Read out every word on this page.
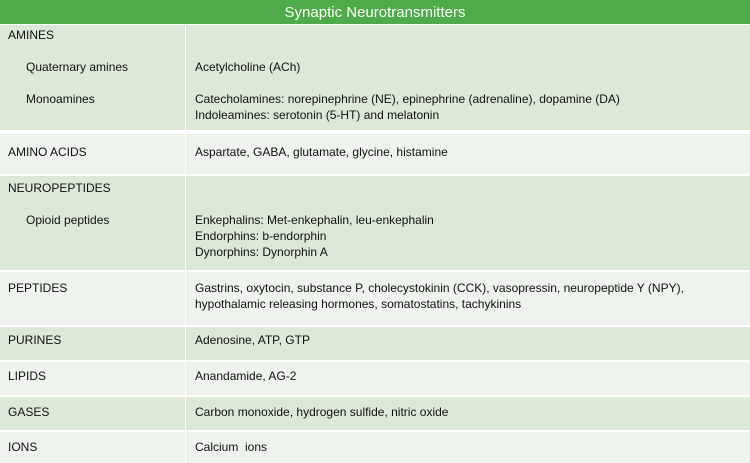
Synaptic Neurotransmitters
AMINES
Quaternary amines	Acetylcholine (ACh)
Monoamines	Catecholamines: norepinephrine (NE), epinephrine (adrenaline), dopamine (DA)
Indoleamines: serotonin (5-HT) and melatonin
AMINO ACIDS	Aspartate, GABA, glutamate, glycine, histamine
NEUROPEPTIDES
Opioid peptides	Enkephalins: Met-enkephalin, leu-enkephalin
Endorphins: b-endorphin
Dynorphins: Dynorphin A
PEPTIDES	Gastrins, oxytocin, substance P, cholecystokinin (CCK), vasopressin, neuropeptide Y (NPY),
hypothalamic releasing hormones, somatostatins, tachykinins
PURINES	Adenosine, ATP, GTP
LIPIDS	Anandamide, AG-2
GASES	Carbon monoxide, hydrogen sulfide, nitric oxide
IONS	Calcium  ions
